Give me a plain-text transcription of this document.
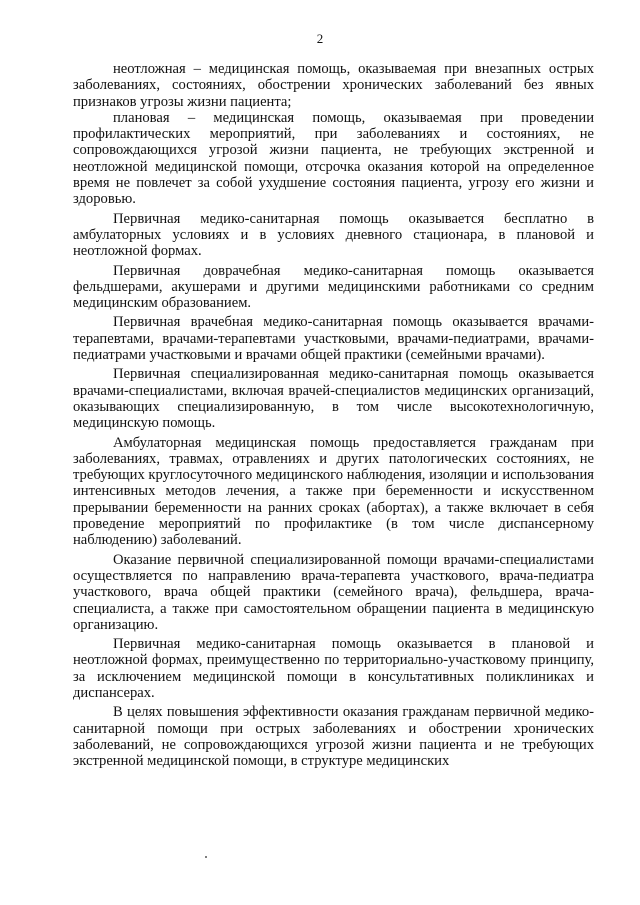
2

неотложная – медицинская помощь, оказываемая при внезапных острых заболеваниях, состояниях, обострении хронических заболеваний без явных признаков угрозы жизни пациента;

плановая – медицинская помощь, оказываемая при проведении профилактических мероприятий, при заболеваниях и состояниях, не сопровождающихся угрозой жизни пациента, не требующих экстренной и неотложной медицинской помощи, отсрочка оказания которой на определенное время не повлечет за собой ухудшение состояния пациента, угрозу его жизни и здоровью.

Первичная медико-санитарная помощь оказывается бесплатно в амбулаторных условиях и в условиях дневного стационара, в плановой и неотложной формах.

Первичная доврачебная медико-санитарная помощь оказывается фельдшерами, акушерами и другими медицинскими работниками со средним медицинским образованием.

Первичная врачебная медико-санитарная помощь оказывается врачами-терапевтами, врачами-терапевтами участковыми, врачами-педиатрами, врачами-педиатрами участковыми и врачами общей практики (семейными врачами).

Первичная специализированная медико-санитарная помощь оказывается врачами-специалистами, включая врачей-специалистов медицинских организаций, оказывающих специализированную, в том числе высокотехнологичную, медицинскую помощь.

Амбулаторная медицинская помощь предоставляется гражданам при заболеваниях, травмах, отравлениях и других патологических состояниях, не требующих круглосуточного медицинского наблюдения, изоляции и использования интенсивных методов лечения, а также при беременности и искусственном прерывании беременности на ранних сроках (абортах), а также включает в себя проведение мероприятий по профилактике (в том числе диспансерному наблюдению) заболеваний.

Оказание первичной специализированной помощи врачами-специалистами осуществляется по направлению врача-терапевта участкового, врача-педиатра участкового, врача общей практики (семейного врача), фельдшера, врача-специалиста, а также при самостоятельном обращении пациента в медицинскую организацию.

Первичная медико-санитарная помощь оказывается в плановой и неотложной формах, преимущественно по территориально-участковому принципу, за исключением медицинской помощи в консультативных поликлиниках и диспансерах.

В целях повышения эффективности оказания гражданам первичной медико-санитарной помощи при острых заболеваниях и обострении хронических заболеваний, не сопровождающихся угрозой жизни пациента и не требующих экстренной медицинской помощи, в структуре медицинских
